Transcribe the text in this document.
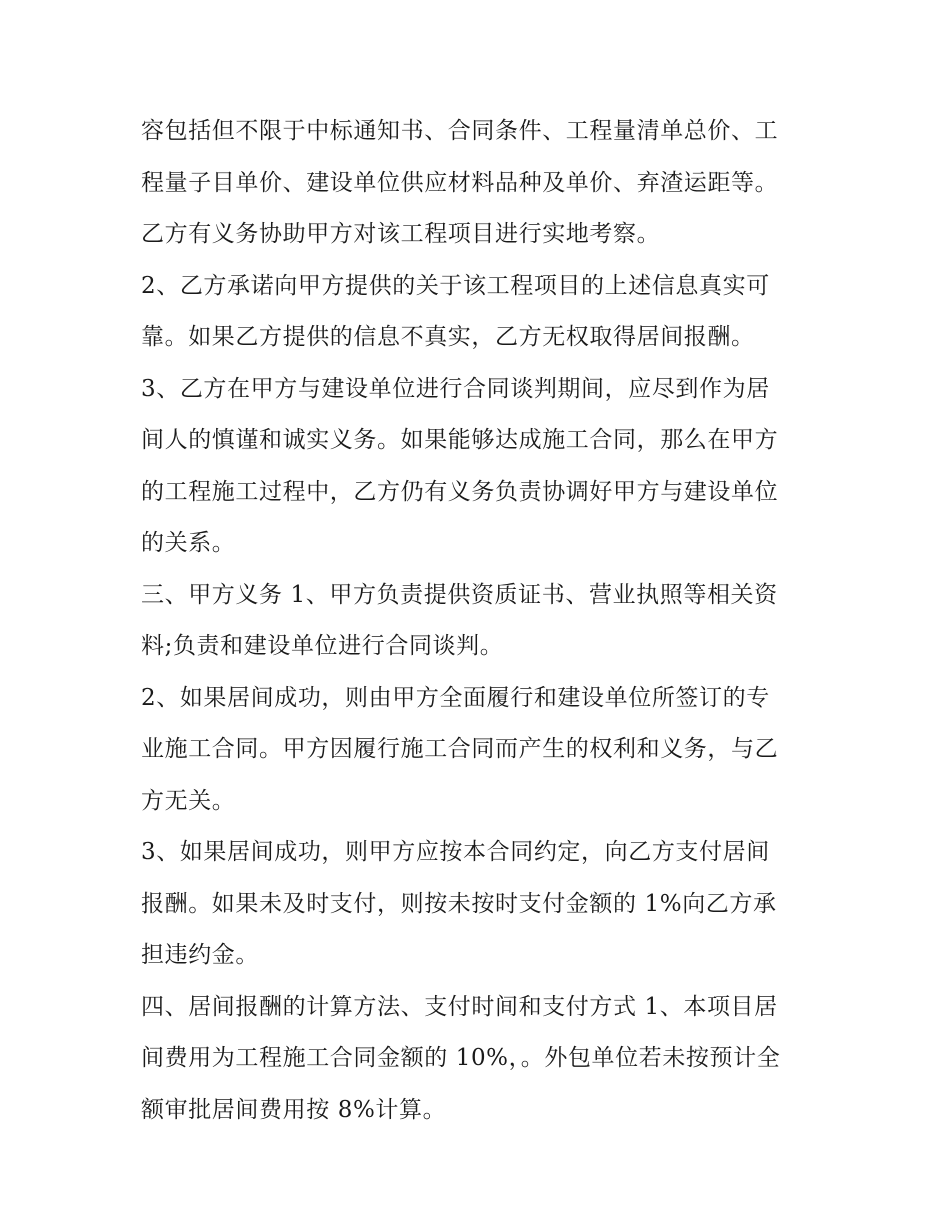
容包括但不限于中标通知书、合同条件、工程量清单总价、工
程量子目单价、建设单位供应材料品种及单价、弃渣运距等。
乙方有义务协助甲方对该工程项目进行实地考察。
2、乙方承诺向甲方提供的关于该工程项目的上述信息真实可
靠。如果乙方提供的信息不真实，乙方无权取得居间报酬。
3、乙方在甲方与建设单位进行合同谈判期间，应尽到作为居
间人的慎谨和诚实义务。如果能够达成施工合同，那么在甲方
的工程施工过程中，乙方仍有义务负责协调好甲方与建设单位
的关系。
三、甲方义务 1、甲方负责提供资质证书、营业执照等相关资
料;负责和建设单位进行合同谈判。
2、如果居间成功，则由甲方全面履行和建设单位所签订的专
业施工合同。甲方因履行施工合同而产生的权利和义务，与乙
方无关。
3、如果居间成功，则甲方应按本合同约定，向乙方支付居间
报酬。如果未及时支付，则按未按时支付金额的 1%向乙方承
担违约金。
四、居间报酬的计算方法、支付时间和支付方式 1、本项目居
间费用为工程施工合同金额的 10%，。外包单位若未按预计全
额审批居间费用按 8%计算。
